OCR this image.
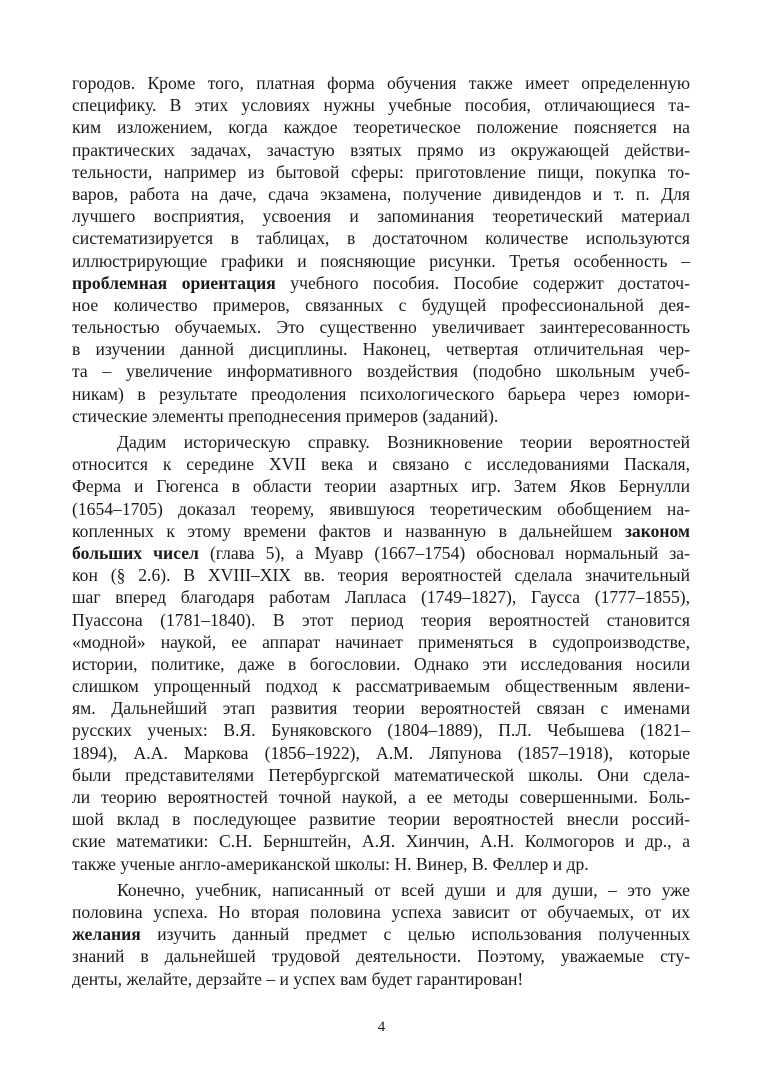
городов. Кроме того, платная форма обучения также имеет определенную
специфику. В этих условиях нужны учебные пособия, отличающиеся та-
ким изложением, когда каждое теоретическое положение поясняется на
практических задачах, зачастую взятых прямо из окружающей действи-
тельности, например из бытовой сферы: приготовление пищи, покупка то-
варов, работа на даче, сдача экзамена, получение дивидендов и т. п. Для
лучшего восприятия, усвоения и запоминания теоретический материал
систематизируется в таблицах, в достаточном количестве используются
иллюстрирующие графики и поясняющие рисунки. Третья особенность –
проблемная ориентация учебного пособия. Пособие содержит достаточ-
ное количество примеров, связанных с будущей профессиональной дея-
тельностью обучаемых. Это существенно увеличивает заинтересованность
в изучении данной дисциплины. Наконец, четвертая отличительная чер-
та – увеличение информативного воздействия (подобно школьным учеб-
никам) в результате преодоления психологического барьера через юмори-
стические элементы преподнесения примеров (заданий).
Дадим историческую справку. Возникновение теории вероятностей
относится к середине XVII века и связано с исследованиями Паскаля,
Ферма и Гюгенса в области теории азартных игр. Затем Яков Бернулли
(1654–1705) доказал теорему, явившуюся теоретическим обобщением на-
копленных к этому времени фактов и названную в дальнейшем законом
больших чисел (глава 5), а Муавр (1667–1754) обосновал нормальный за-
кон (§ 2.6). В XVIII–XIX вв. теория вероятностей сделала значительный
шаг вперед благодаря работам Лапласа (1749–1827), Гаусса (1777–1855),
Пуассона (1781–1840). В этот период теория вероятностей становится
«модной» наукой, ее аппарат начинает применяться в судопроизводстве,
истории, политике, даже в богословии. Однако эти исследования носили
слишком упрощенный подход к рассматриваемым общественным явлени-
ям. Дальнейший этап развития теории вероятностей связан с именами
русских ученых: В.Я. Буняковского (1804–1889), П.Л. Чебышева (1821–
1894), А.А. Маркова (1856–1922), А.М. Ляпунова (1857–1918), которые
были представителями Петербургской математической школы. Они сдела-
ли теорию вероятностей точной наукой, а ее методы совершенными. Боль-
шой вклад в последующее развитие теории вероятностей внесли россий-
ские математики: С.Н. Бернштейн, А.Я. Хинчин, А.Н. Колмогоров и др., а
также ученые англо-американской школы: Н. Винер, В. Феллер и др.
Конечно, учебник, написанный от всей души и для души, – это уже
половина успеха. Но вторая половина успеха зависит от обучаемых, от их
желания изучить данный предмет с целью использования полученных
знаний в дальнейшей трудовой деятельности. Поэтому, уважаемые сту-
денты, желайте, дерзайте – и успех вам будет гарантирован!
4
